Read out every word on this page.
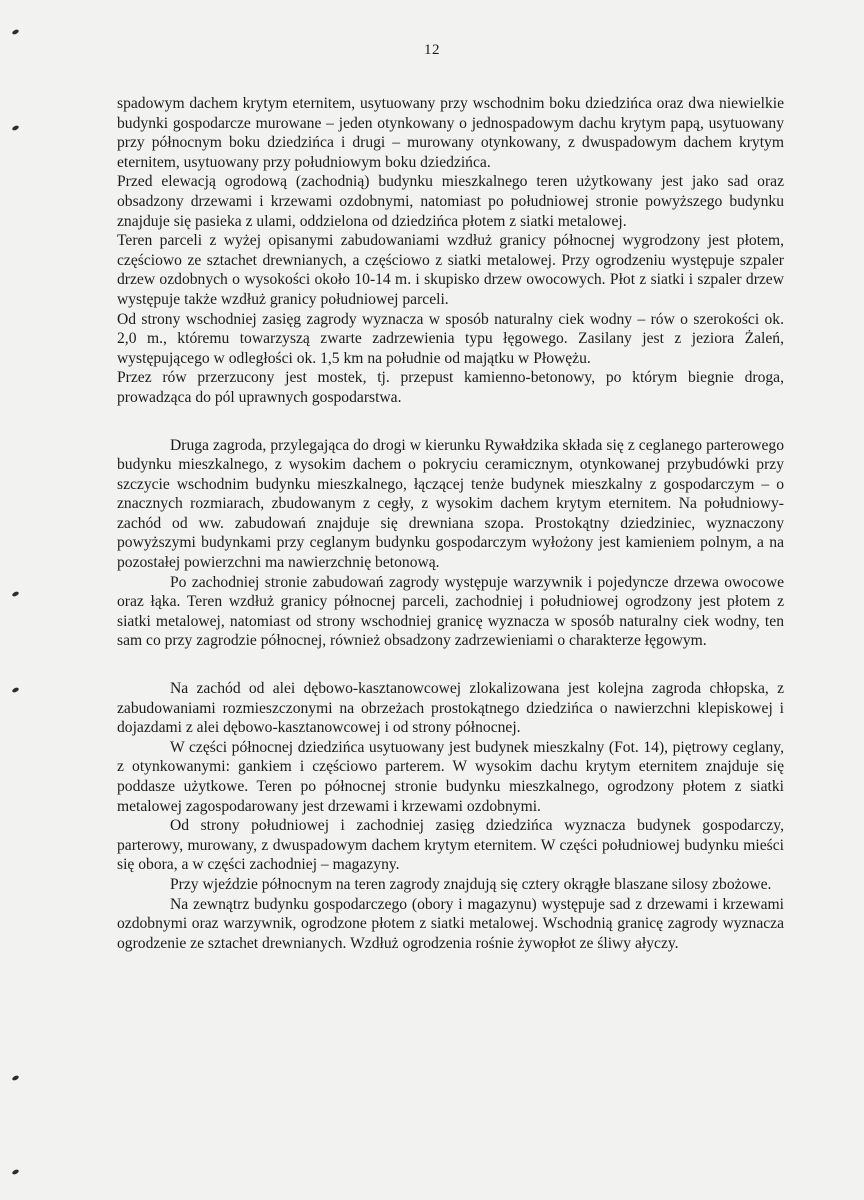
12

spadowym dachem krytym eternitem, usytuowany przy wschodnim boku dziedzińca oraz dwa niewielkie budynki gospodarcze murowane – jeden otynkowany o jednospadowym dachu krytym papą, usytuowany przy północnym boku dziedzińca i drugi – murowany otynkowany, z dwuspadowym dachem krytym eternitem, usytuowany przy południowym boku dziedzińca.

Przed elewacją ogrodową (zachodnią) budynku mieszkalnego teren użytkowany jest jako sad oraz obsadzony drzewami i krzewami ozdobnymi, natomiast po południowej stronie powyższego budynku znajduje się pasieka z ulami, oddzielona od dziedzińca płotem z siatki metalowej.

Teren parceli z wyżej opisanymi zabudowaniami wzdłuż granicy północnej wygrodzony jest płotem, częściowo ze sztachet drewnianych, a częściowo z siatki metalowej. Przy ogrodzeniu występuje szpaler drzew ozdobnych o wysokości około 10-14 m. i skupisko drzew owocowych. Płot z siatki i szpaler drzew występuje także wzdłuż granicy południowej parceli.

Od strony wschodniej zasięg zagrody wyznacza w sposób naturalny ciek wodny – rów o szerokości ok. 2,0 m., któremu towarzyszą zwarte zadrzewienia typu łęgowego. Zasilany jest z jeziora Żaleń, występującego w odległości ok. 1,5 km na południe od majątku w Płowężu.

Przez rów przerzucony jest mostek, tj. przepust kamienno-betonowy, po którym biegnie droga, prowadząca do pól uprawnych gospodarstwa.

Druga zagroda, przylegająca do drogi w kierunku Rywałdzika składa się z ceglanego parterowego budynku mieszkalnego, z wysokim dachem o pokryciu ceramicznym, otynkowanej przybudówki przy szczycie wschodnim budynku mieszkalnego, łączącej tenże budynek mieszkalny z gospodarczym – o znacznych rozmiarach, zbudowanym z cegły, z wysokim dachem krytym eternitem. Na południowy-zachód od ww. zabudowań znajduje się drewniana szopa. Prostokątny dziedziniec, wyznaczony powyższymi budynkami przy ceglanym budynku gospodarczym wyłożony jest kamieniem polnym, a na pozostałej powierzchni ma nawierzchnię betonową.

Po zachodniej stronie zabudowań zagrody występuje warzywnik i pojedyncze drzewa owocowe oraz łąka. Teren wzdłuż granicy północnej parceli, zachodniej i południowej ogrodzony jest płotem z siatki metalowej, natomiast od strony wschodniej granicę wyznacza w sposób naturalny ciek wodny, ten sam co przy zagrodzie północnej, również obsadzony zadrzewieniami o charakterze łęgowym.

Na zachód od alei dębowo-kasztanowcowej zlokalizowana jest kolejna zagroda chłopska, z zabudowaniami rozmieszczonymi na obrzeżach prostokątnego dziedzińca o nawierzchni klepiskowej i dojazdami z alei dębowo-kasztanowcowej i od strony północnej.

W części północnej dziedzińca usytuowany jest budynek mieszkalny (Fot. 14), piętrowy ceglany, z otynkowanymi: gankiem i częściowo parterem. W wysokim dachu krytym eternitem znajduje się poddasze użytkowe. Teren po północnej stronie budynku mieszkalnego, ogrodzony płotem z siatki metalowej zagospodarowany jest drzewami i krzewami ozdobnymi.

Od strony południowej i zachodniej zasięg dziedzińca wyznacza budynek gospodarczy, parterowy, murowany, z dwuspadowym dachem krytym eternitem. W części południowej budynku mieści się obora, a w części zachodniej – magazyny.

Przy wjeździe północnym na teren zagrody znajdują się cztery okrągłe blaszane silosy zbożowe.

Na zewnątrz budynku gospodarczego (obory i magazynu) występuje sad z drzewami i krzewami ozdobnymi oraz warzywnik, ogrodzone płotem z siatki metalowej. Wschodnią granicę zagrody wyznacza ogrodzenie ze sztachet drewnianych. Wzdłuż ogrodzenia rośnie żywopłot ze śliwy ałyczy.
